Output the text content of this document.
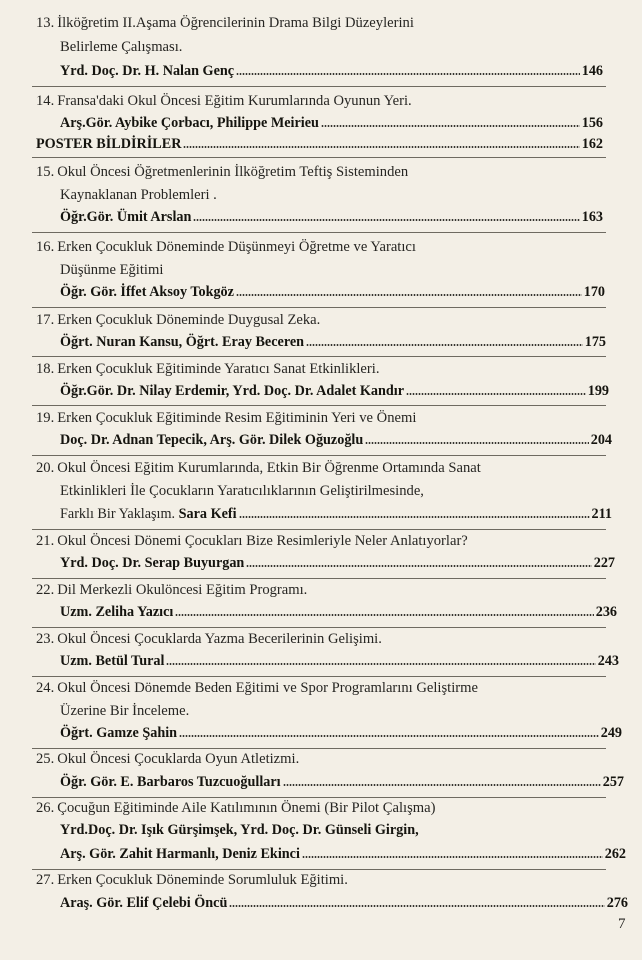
13. İlköğretim II.Aşama Öğrencilerinin Drama Bilgi Düzeylerini
Belirleme Çalışması.
Yrd. Doç. Dr. H. Nalan Genç	146
14. Fransa'daki Okul Öncesi Eğitim Kurumlarında Oyunun Yeri.
Arş.Gör. Aybike Çorbacı, Philippe Meirieu	156
POSTER BİLDİRİLER	162
15. Okul Öncesi Öğretmenlerinin İlköğretim Teftiş Sisteminden
Kaynaklanan Problemleri .
Öğr.Gör. Ümit Arslan	163
16. Erken Çocukluk Döneminde Düşünmeyi Öğretme ve Yaratıcı
Düşünme Eğitimi
Öğr. Gör. İffet Aksoy Tokgöz	170
17. Erken Çocukluk Döneminde Duygusal Zeka.
Öğrt. Nuran Kansu, Öğrt. Eray Beceren	175
18. Erken Çocukluk Eğitiminde Yaratıcı Sanat Etkinlikleri.
Öğr.Gör. Dr. Nilay Erdemir, Yrd. Doç. Dr. Adalet Kandır	199
19. Erken Çocukluk Eğitiminde Resim Eğitiminin Yeri ve Önemi
Doç. Dr. Adnan Tepecik, Arş. Gör. Dilek Oğuzoğlu	204
20. Okul Öncesi Eğitim Kurumlarında, Etkin Bir Öğrenme Ortamında Sanat
Etkinlikleri İle Çocukların Yaratıcılıklarının Geliştirilmesinde,
Farklı Bir Yaklaşım.
Sara Kefi	211
21. Okul Öncesi Dönemi Çocukları Bize Resimleriyle Neler Anlatıyorlar?
Yrd. Doç. Dr. Serap Buyurgan	227
22. Dil Merkezli Okulöncesi Eğitim Programı.
Uzm. Zeliha Yazıcı	236
23. Okul Öncesi Çocuklarda Yazma Becerilerinin Gelişimi.
Uzm. Betül Tural	243
24. Okul Öncesi Dönemde Beden Eğitimi ve Spor Programlarını Geliştirme
Üzerine Bir İnceleme.
Öğrt. Gamze Şahin	249
25. Okul Öncesi Çocuklarda Oyun Atletizmi.
Öğr. Gör. E. Barbaros Tuzcuoğulları	257
26. Çocuğun Eğitiminde Aile Katılımının Önemi (Bir Pilot Çalışma)
Yrd.Doç. Dr. Işık Gürşimşek, Yrd. Doç. Dr. Günseli Girgin,
Arş. Gör. Zahit Harmanlı, Deniz Ekinci	262
27. Erken Çocukluk Döneminde Sorumluluk Eğitimi.
Araş. Gör. Elif Çelebi Öncü	276
7
